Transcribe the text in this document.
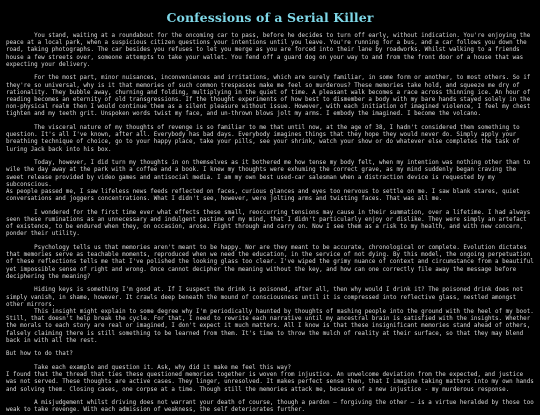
Confessions of a Serial Killer

You stand, waiting at a roundabout for the oncoming car to pass, before he decides to turn off early, without indication. You're enjoying the peace at a local park, when a suspicious citizen questions your intentions until you leave. You're running for a bus, and a car follows you down the road, taking photographs. The car besides you refuses to let you merge as you are forced into their lane by roadworks. Whilst walking to a friends house a few streets over, someone attempts to take your wallet. You fend off a guard dog on your way to and from the front door of a house that was expecting your delivery.

For the most part, minor nuisances, inconveniences and irritations, which are surely familiar, in some form or another, to most others. So if they're so universal, why is it that memories of such common trespasses make me feel so murderous? These memories take hold, and squeeze me dry of rationality. They bubble away, churning and folding, multiplying in the quiet of time. A pleasant walk becomes a race across thinning ice. An hour of reading becomes an eternity of old transgressions. If the thought experiments of how best to dismember a body with my bare hands stayed solely in the non-physical realm then I would continue them as a silent pleasure without issue. However, with each initiation of imagined violence, I feel my chest tighten and my teeth grit. Unspoken words twist my face, and un-thrown blows jolt my arms. I embody the imagined. I become the volcano.

The visceral nature of my thoughts of revenge is so familiar to me that until now, at the age of 38, I hadn't considered them something to question. It's all I've known, after all. Everybody has bad days. Everybody imagines things that they hope they would never do. Simply apply your breathing technique of choice, go to your happy place, take your pills, see your shrink, watch your show or do whatever else completes the task of luring Jack back into his box.

Today, however, I did turn my thoughts in on themselves as it bothered me how tense my body felt, when my intention was nothing other than to wile the day away at the park with a coffee and a book. I knew my thoughts were exhuming the correct grave, as my mind suddenly began craving the sweet release provided by video games and antisocial media. I am my own best used-car salesman when a distraction device is requested by my subconscious.
As people passed me, I saw lifeless news feeds reflected on faces, curious glances and eyes too nervous to settle on me. I saw blank stares, quiet conversations and joggers concentrations. What I didn't see, however, were jolting arms and twisting faces. That was all me.

I wondered for the first time ever what effects these small, reoccurring tensions may cause in their summation, over a lifetime. I had always seen these ruminations as an unnecessary and indulgent pastime of my mind, that I didn't particularly enjoy or dislike. They were simply an artefact of existence, to be endured when they, on occasion, arose. Fight through and carry on. Now I see them as a risk to my health, and with new concern, ponder their utility.

Psychology tells us that memories aren't meant to be happy. Nor are they meant to be accurate, chronological or complete. Evolution dictates that memories serve as teachable moments, reproduced when we need the education, in the service of not dying. By this model, the ongoing perpetuation of these reflections tells me that I've polished the looking glass too clear. I've wiped the grimy nuance of context and circumstance from a beautiful yet impossible sense of right and wrong. Once cannot decipher the meaning without the key, and how can one correctly file away the message before deciphering the meaning?

Hiding keys is something I'm good at. If I suspect the drink is poisoned, after all, then why would I drink it? The poisoned drink does not simply vanish, in shame, however. It crawls deep beneath the mound of consciousness until it is compressed into reflective glass, nestled amongst other mirrors.
This insight might explain to some degree why I'm periodically haunted by thoughts of mashing people into the ground with the heel of my boot. Still, that doesn't help break the cycle. For that, I need to rewrite each narrative until my ancestral brain is satisfied with the insights. Whether the morals to each story are real or imagined, I don't expect it much matters. All I know is that these insignificant memories stand ahead of others, falsely claiming there is still something to be learned from them. It's time to throw the mulch of reality at their surface, so that they may blend back in with all the rest.

But how to do that?

Take each example and question it. Ask, why did it make me feel this way?
I found that the thread that ties these questioned memories together is woven from injustice. An unwelcome deviation from the expected, and justice was not served. These thoughts are active cases. They linger, unresolved. It makes perfect sense then, that I imagine taking matters into my own hands and solving them. Closing cases, one corpse at a time. Though still the memories attack me, because of a new injustice - my murderous response.

A misjudgement whilst driving does not warrant your death of course, though a pardon – forgiving the other – is a virtue heralded by those too weak to take revenge. With each admission of weakness, the self deteriorates further.
